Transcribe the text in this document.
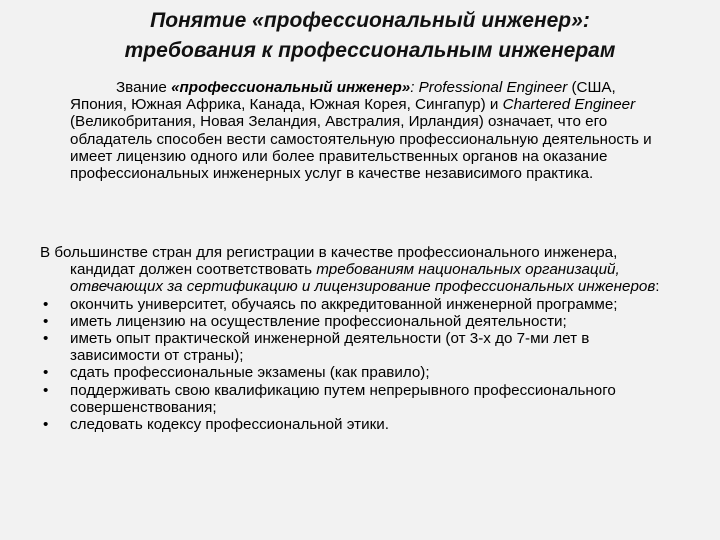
Понятие «профессиональный инженер»:
требования к профессиональным инженерам
Звание «профессиональный инженер»: Professional Engineer (США, Япония, Южная Африка, Канада, Южная Корея, Сингапур) и Chartered Engineer (Великобритания, Новая Зеландия, Австралия, Ирландия) означает, что его обладатель способен вести самостоятельную профессиональную деятельность и имеет лицензию одного или более правительственных органов на оказание профессиональных инженерных услуг в качестве независимого практика.
В большинстве стран для регистрации в качестве профессионального инженера, кандидат должен соответствовать требованиям национальных организаций, отвечающих за сертификацию и лицензирование профессиональных инженеров:
• окончить университет, обучаясь по аккредитованной инженерной программе;
• иметь лицензию на осуществление профессиональной деятельности;
• иметь опыт практической инженерной деятельности (от 3-х до 7-ми лет в зависимости от страны);
• сдать профессиональные экзамены (как правило);
• поддерживать свою квалификацию путем непрерывного профессионального совершенствования;
• следовать кодексу профессиональной этики.
